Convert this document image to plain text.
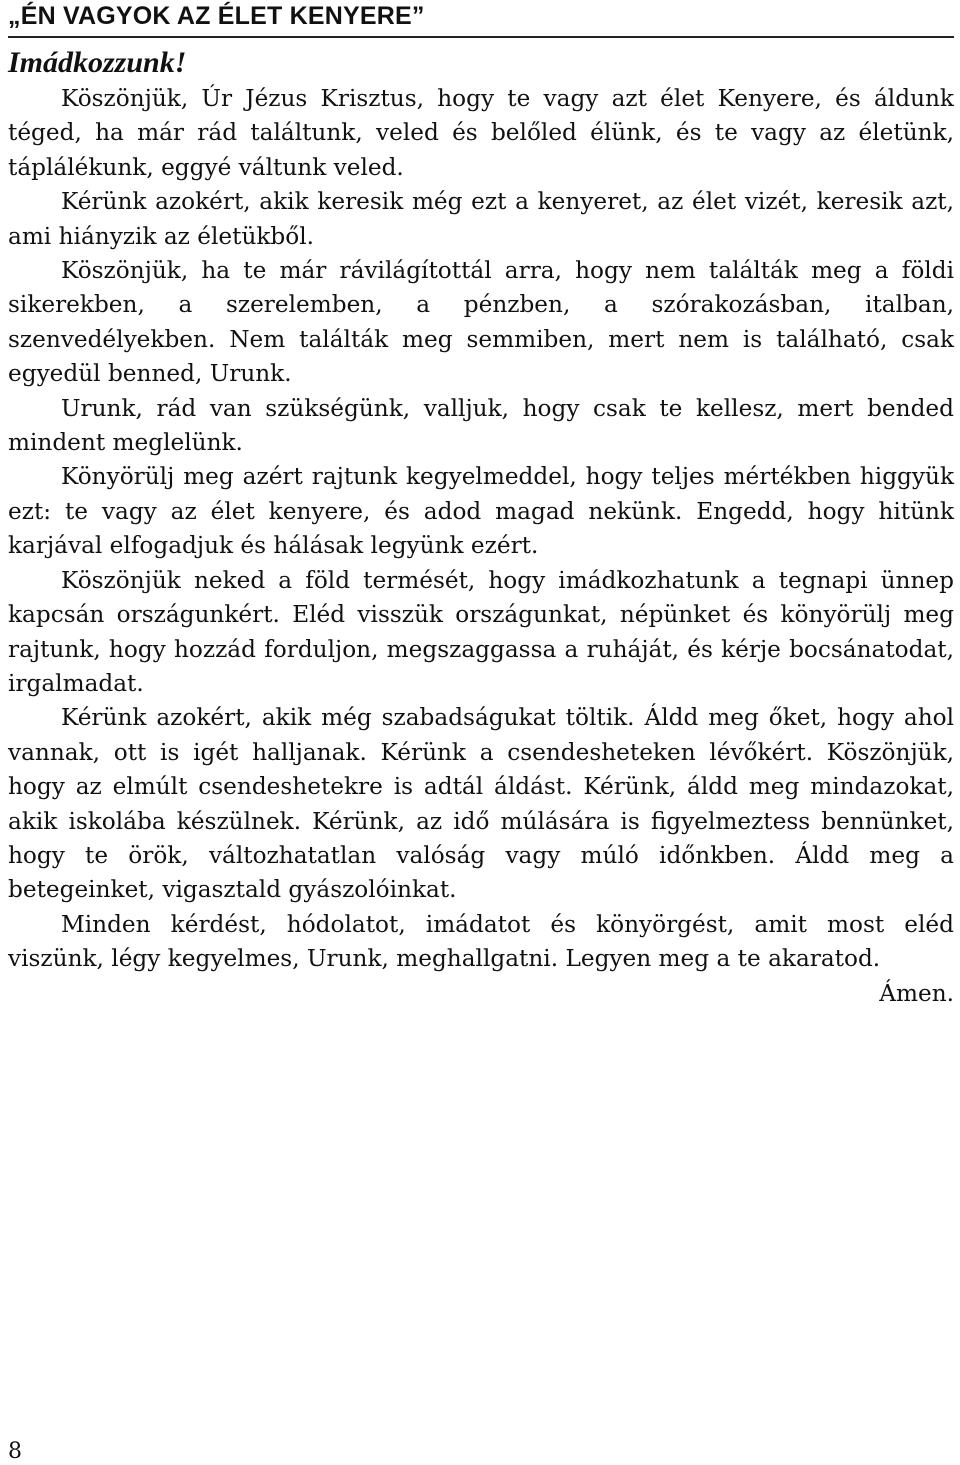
„ÉN VAGYOK AZ ÉLET KENYERE”
Imádkozzunk!

Köszönjük, Úr Jézus Krisztus, hogy te vagy azt élet Kenyere, és áldunk téged, ha már rád találtunk, veled és belőled élünk, és te vagy az életünk, táplálékunk, eggyé váltunk veled.

Kérünk azokért, akik keresik még ezt a kenyeret, az élet vizét, keresik azt, ami hiányzik az életükből.

Köszönjük, ha te már rávilágítottál arra, hogy nem találták meg a földi sikerekben, a szerelemben, a pénzben, a szórakozásban, italban, szenvedélyekben. Nem találták meg semmiben, mert nem is található, csak egyedül benned, Urunk.

Urunk, rád van szükségünk, valljuk, hogy csak te kellesz, mert bended mindent meglelünk.

Könyörülj meg azért rajtunk kegyelmeddel, hogy teljes mértékben higgyük ezt: te vagy az élet kenyere, és adod magad nekünk. Engedd, hogy hitünk karjával elfogadjuk és hálásak legyünk ezért.

Köszönjük neked a föld termését, hogy imádkozhatunk a tegnapi ünnep kapcsán országunkért. Eléd visszük országunkat, népünket és könyörülj meg rajtunk, hogy hozzád forduljon, megszaggassa a ruháját, és kérje bocsánatodat, irgalmadat.

Kérünk azokért, akik még szabadságukat töltik. Áldd meg őket, hogy ahol vannak, ott is igét halljanak. Kérünk a csendesheteken lévőkért. Köszönjük, hogy az elmúlt csendeshetekre is adtál áldást. Kérünk, áldd meg mindazokat, akik iskolába készülnek. Kérünk, az idő múlására is figyelmeztess bennünket, hogy te örök, változhatatlan valóság vagy múló időnkben. Áldd meg a betegeinket, vigasztald gyászolóinkat.

Minden kérdést, hódolatot, imádatot és könyörgést, amit most eléd viszünk, légy kegyelmes, Urunk, meghallgatni. Legyen meg a te akaratod.

Ámen.

8
